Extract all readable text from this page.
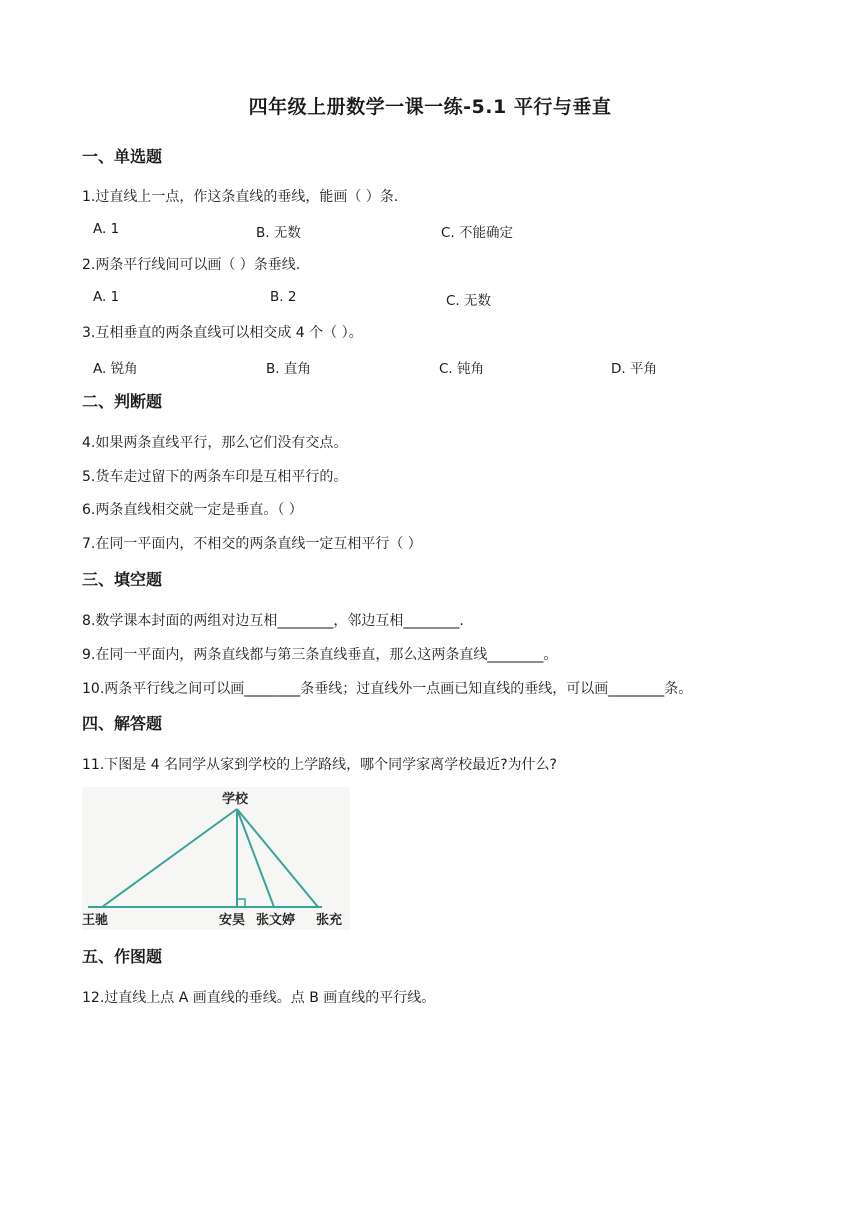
四年级上册数学一课一练-5.1 平行与垂直
一、单选题
1.过直线上一点，作这条直线的垂线，能画（ ）条.
A. 1	B. 无数	C. 不能确定
2.两条平行线间可以画（ ）条垂线.
A. 1	B. 2	C. 无数
3.互相垂直的两条直线可以相交成 4 个（ ）。
A. 锐角	B. 直角	C. 钝角	D. 平角
二、判断题
4.如果两条直线平行，那么它们没有交点。
5.货车走过留下的两条车印是互相平行的。
6.两条直线相交就一定是垂直。（ ）
7.在同一平面内，不相交的两条直线一定互相平行（ ）
三、填空题
8.数学课本封面的两组对边互相________，邻边互相________.
9.在同一平面内，两条直线都与第三条直线垂直，那么这两条直线________。
10.两条平行线之间可以画________条垂线；过直线外一点画已知直线的垂线，可以画________条。
四、解答题
11.下图是 4 名同学从家到学校的上学路线，哪个同学家离学校最近?为什么?
学校
王驰	安昊 张文婷 张充
五、作图题
12.过直线上点 A 画直线的垂线。点 B 画直线的平行线。
